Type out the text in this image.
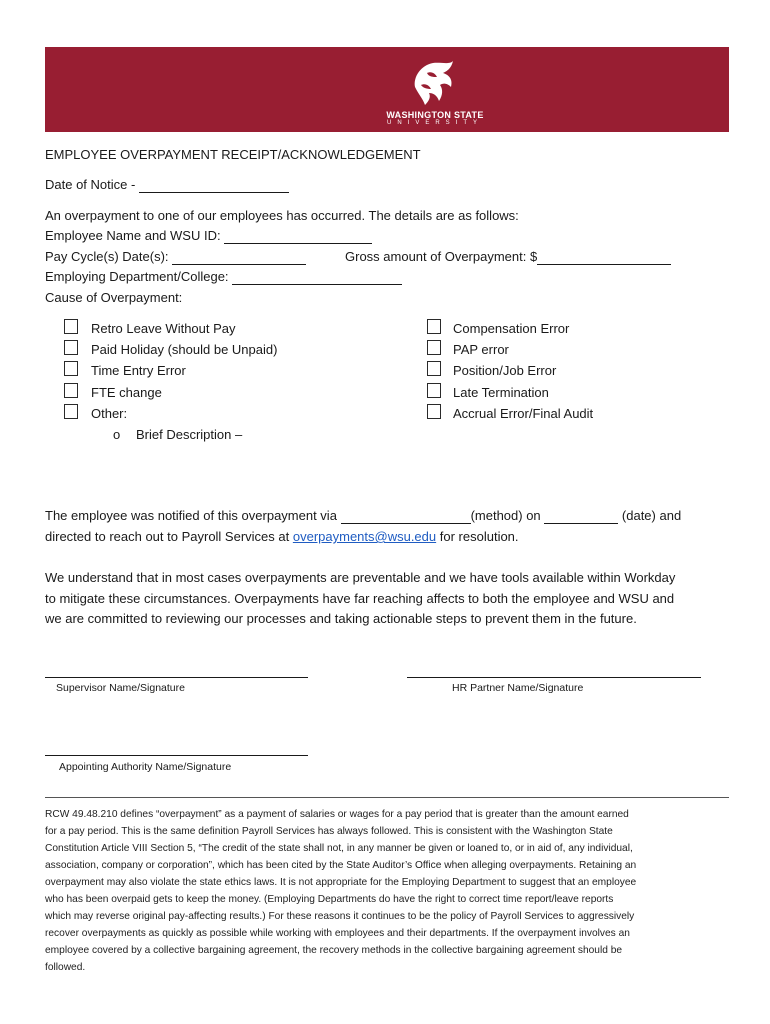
WASHINGTON STATE
UNIVERSITY
EMPLOYEE OVERPAYMENT RECEIPT/ACKNOWLEDGEMENT
Date of Notice -
An overpayment to one of our employees has occurred. The details are as follows:
Employee Name and WSU ID:
Pay Cycle(s) Date(s):	Gross amount of Overpayment: $
Employing Department/College:
Cause of Overpayment:
Retro Leave Without Pay
Paid Holiday (should be Unpaid)
Time Entry Error
FTE change
Other:
o Brief Description –
Compensation Error
PAP error
Position/Job Error
Late Termination
Accrual Error/Final Audit
The employee was notified of this overpayment via	(method) on	(date) and
directed to reach out to Payroll Services at overpayments@wsu.edu for resolution.
We understand that in most cases overpayments are preventable and we have tools available within Workday
to mitigate these circumstances. Overpayments have far reaching affects to both the employee and WSU and
we are committed to reviewing our processes and taking actionable steps to prevent them in the future.
Supervisor Name/Signature	HR Partner Name/Signature
Appointing Authority Name/Signature
RCW 49.48.210 defines “overpayment” as a payment of salaries or wages for a pay period that is greater than the amount earned
for a pay period. This is the same definition Payroll Services has always followed. This is consistent with the Washington State
Constitution Article VIII Section 5, “The credit of the state shall not, in any manner be given or loaned to, or in aid of, any individual,
association, company or corporation”, which has been cited by the State Auditor’s Office when alleging overpayments. Retaining an
overpayment may also violate the state ethics laws. It is not appropriate for the Employing Department to suggest that an employee
who has been overpaid gets to keep the money. (Employing Departments do have the right to correct time report/leave reports
which may reverse original pay-affecting results.) For these reasons it continues to be the policy of Payroll Services to aggressively
recover overpayments as quickly as possible while working with employees and their departments. If the overpayment involves an
employee covered by a collective bargaining agreement, the recovery methods in the collective bargaining agreement should be
followed.
